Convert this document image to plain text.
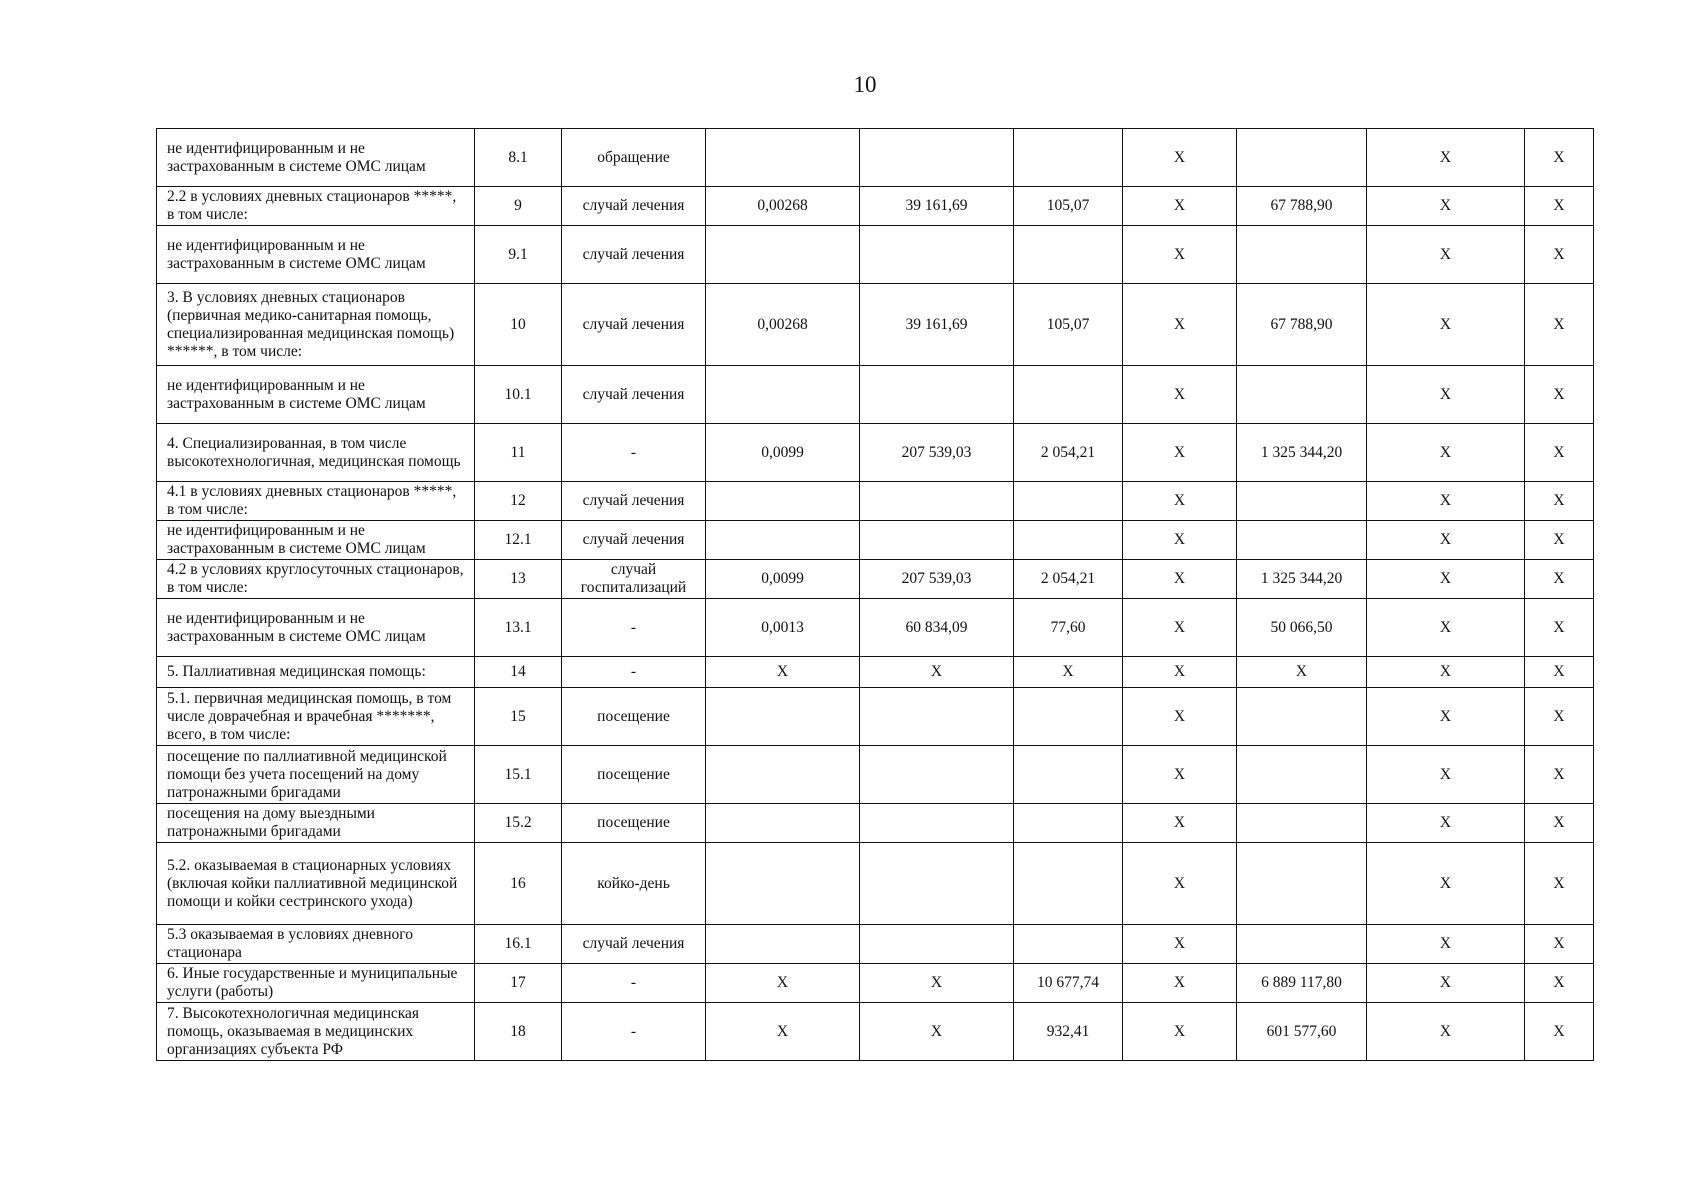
10
не идентифицированным и не застрахованным в системе ОМС лицам	8.1	обращение				X		X	X
2.2 в условиях дневных стационаров *****, в том числе:	9	случай лечения	0,00268	39 161,69	105,07	X	67 788,90	X	X
не идентифицированным и не застрахованным в системе ОМС лицам	9.1	случай лечения				X		X	X
3. В условиях дневных стационаров (первичная медико-санитарная помощь, специализированная медицинская помощь) ******, в том числе:	10	случай лечения	0,00268	39 161,69	105,07	X	67 788,90	X	X
не идентифицированным и не застрахованным в системе ОМС лицам	10.1	случай лечения				X		X	X
4. Специализированная, в том числе высокотехнологичная, медицинская помощь	11	-	0,0099	207 539,03	2 054,21	X	1 325 344,20	X	X
4.1 в условиях дневных стационаров *****, в том числе:	12	случай лечения				X		X	X
не идентифицированным и не застрахованным в системе ОМС лицам	12.1	случай лечения				X		X	X
4.2 в условиях круглосуточных стационаров, в том числе:	13	случай госпитализаций	0,0099	207 539,03	2 054,21	X	1 325 344,20	X	X
не идентифицированным и не застрахованным в системе ОМС лицам	13.1	-	0,0013	60 834,09	77,60	X	50 066,50	X	X
5. Паллиативная медицинская помощь:	14	-	X	X	X	X	X	X	X
5.1. первичная медицинская помощь, в том числе доврачебная и врачебная *******, всего, в том числе:	15	посещение				X		X	X
посещение по паллиативной медицинской помощи без учета посещений на дому патронажными бригадами	15.1	посещение				X		X	X
посещения на дому выездными патронажными бригадами	15.2	посещение				X		X	X
5.2. оказываемая в стационарных условиях (включая койки паллиативной медицинской помощи и койки сестринского ухода)	16	койко-день				X		X	X
5.3 оказываемая в условиях дневного стационара	16.1	случай лечения				X		X	X
6. Иные государственные и муниципальные услуги (работы)	17	-	X	X	10 677,74	X	6 889 117,80	X	X
7. Высокотехнологичная медицинская помощь, оказываемая в медицинских организациях субъекта РФ	18	-	X	X	932,41	X	601 577,60	X	X
